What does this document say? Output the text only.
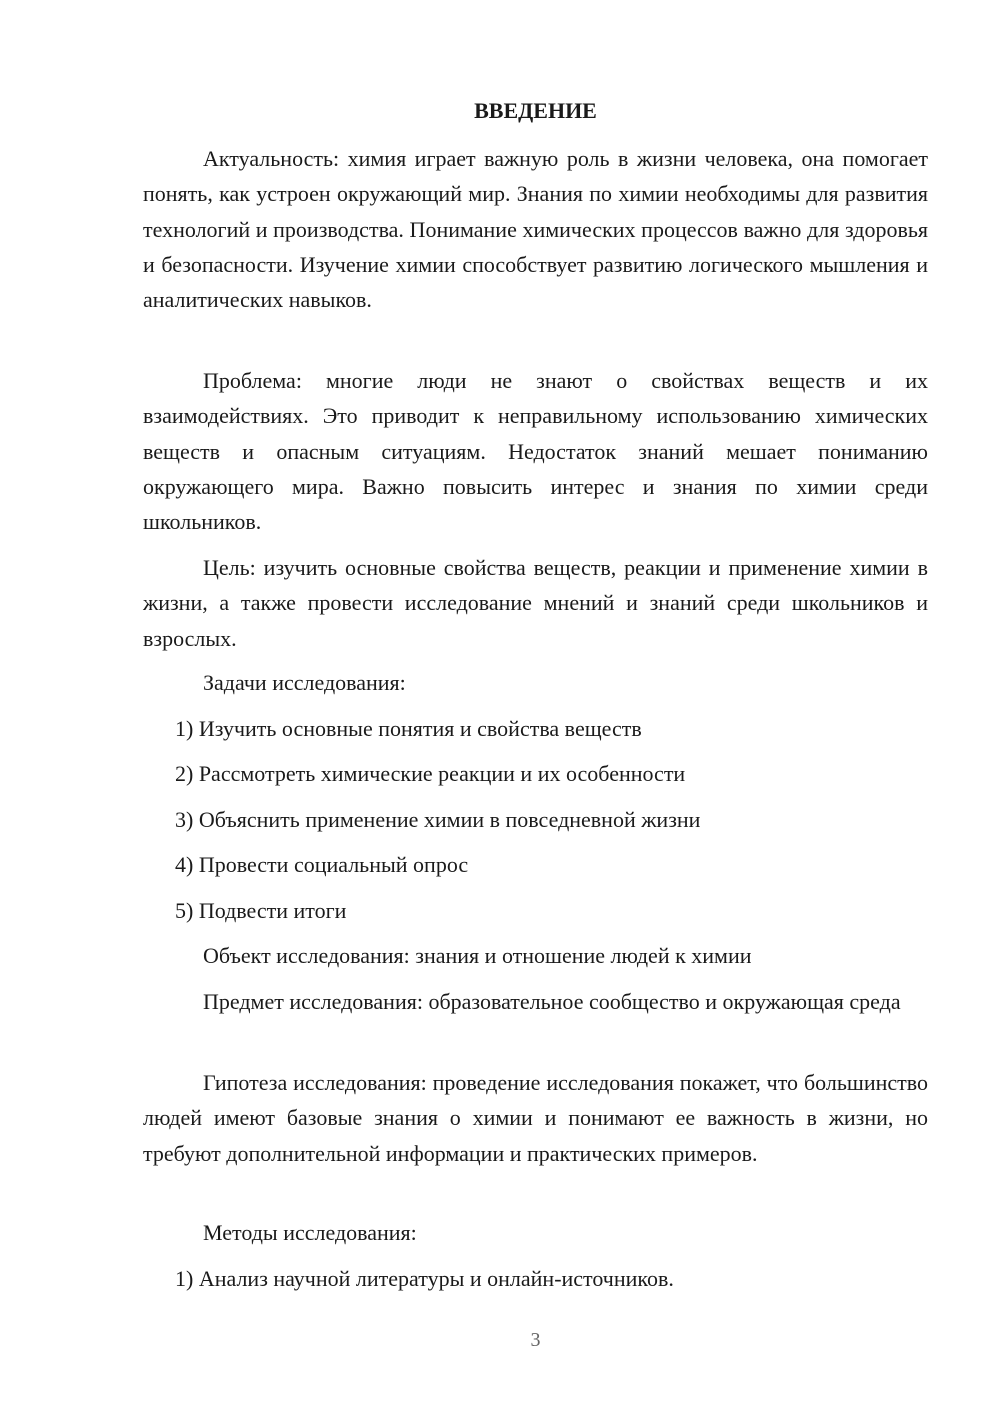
ВВЕДЕНИЕ

Актуальность: химия играет важную роль в жизни человека, она помогает понять, как устроен окружающий мир. Знания по химии необходимы для развития технологий и производства. Понимание химических процессов важно для здоровья и безопасности. Изучение химии способствует развитию логического мышления и аналитических навыков.

Проблема: многие люди не знают о свойствах веществ и их взаимодействиях. Это приводит к неправильному использованию химических веществ и опасным ситуациям. Недостаток знаний мешает пониманию окружающего мира. Важно повысить интерес и знания по химии среди школьников.

Цель: изучить основные свойства веществ, реакции и применение химии в жизни, а также провести исследование мнений и знаний среди школьников и взрослых.

Задачи исследования:

1) Изучить основные понятия и свойства веществ

2) Рассмотреть химические реакции и их особенности

3) Объяснить применение химии в повседневной жизни

4) Провести социальный опрос

5) Подвести итоги

Объект исследования: знания и отношение людей к химии

Предмет исследования: образовательное сообщество и окружающая среда

Гипотеза исследования: проведение исследования покажет, что большинство людей имеют базовые знания о химии и понимают ее важность в жизни, но требуют дополнительной информации и практических примеров.

Методы исследования:

1) Анализ научной литературы и онлайн-источников.

3
